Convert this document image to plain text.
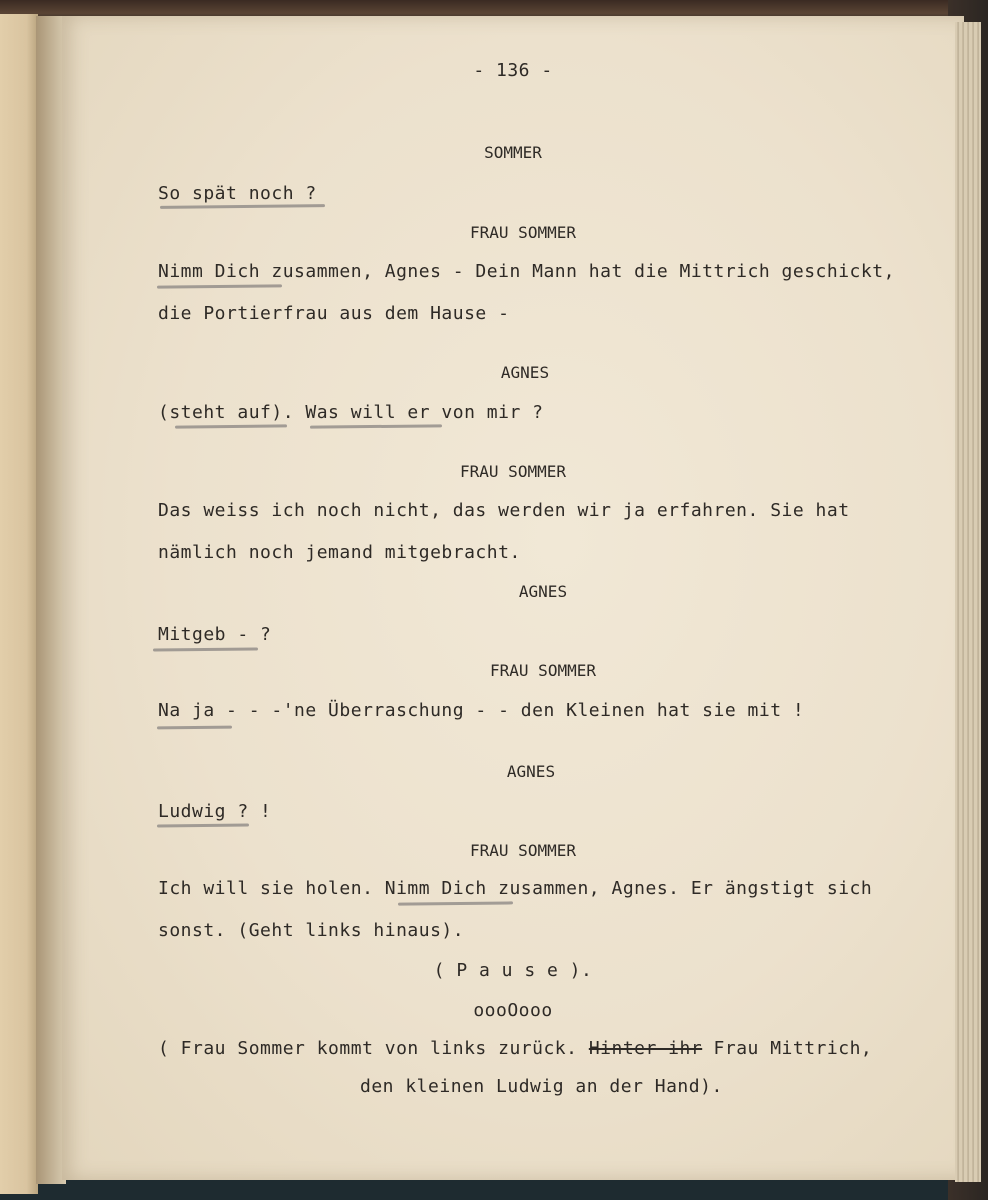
- 136 -
SOMMER
So spät noch ?
FRAU SOMMER
Nimm Dich zusammen, Agnes - Dein Mann hat die Mittrich geschickt,
die Portierfrau aus dem Hause -
AGNES
(steht auf). Was will er von mir ?
FRAU SOMMER
Das weiss ich noch nicht, das werden wir ja erfahren. Sie hat
nämlich noch jemand mitgebracht.
AGNES
Mitgeb - ?
FRAU SOMMER
Na ja - - -'ne Überraschung - - den Kleinen hat sie mit !
AGNES
Ludwig ? !
FRAU SOMMER
Ich will sie holen. Nimm Dich zusammen, Agnes. Er ängstigt sich
sonst. (Geht links hinaus).
( P a u s e ).
oooOooo
( Frau Sommer kommt von links zurück. Hinter ihr Frau Mittrich,
den kleinen Ludwig an der Hand).
